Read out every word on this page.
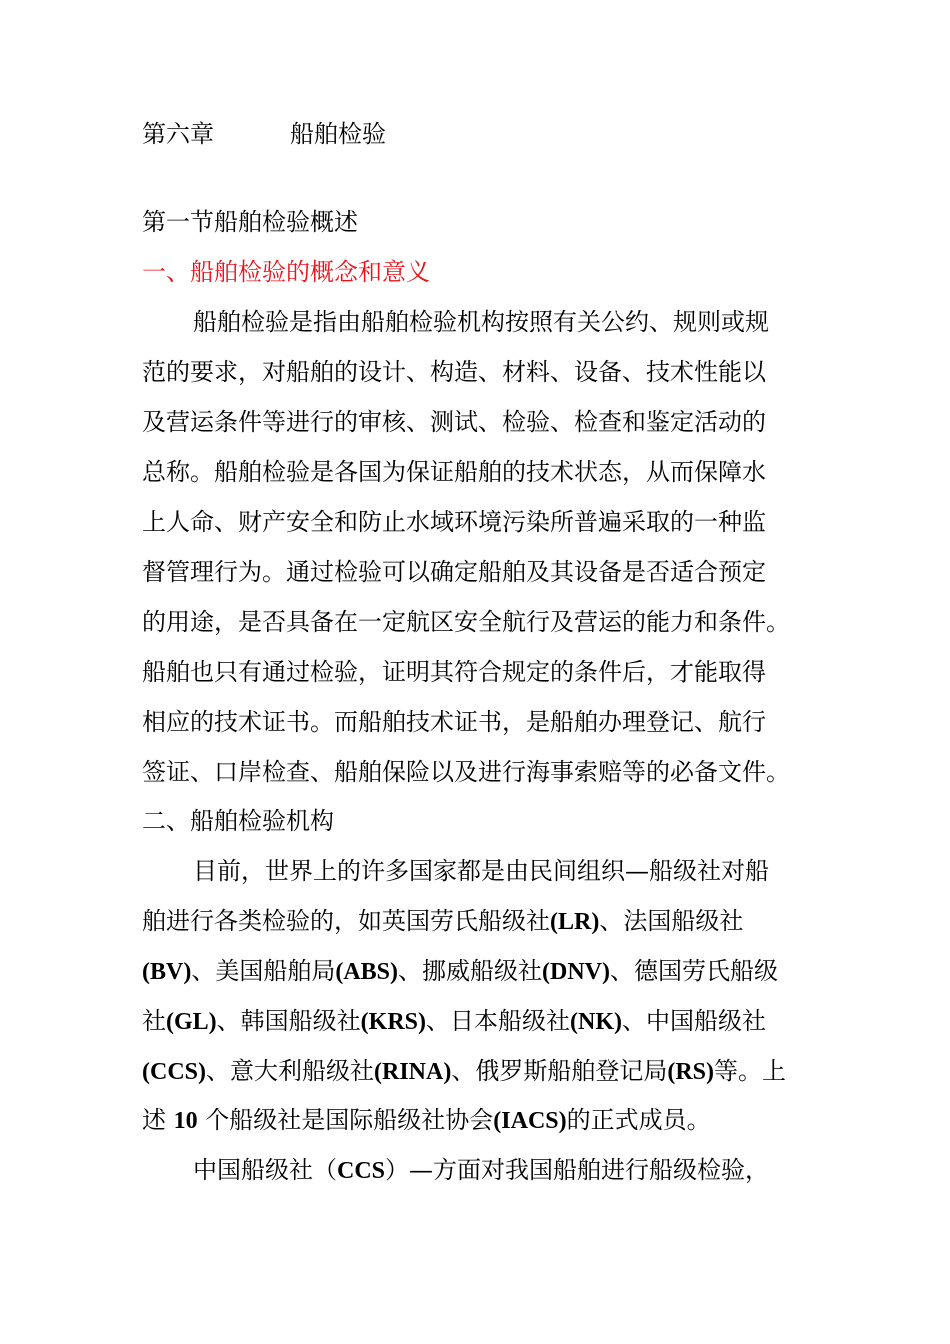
第六章	船舶检验
第一节船舶检验概述
一、船舶检验的概念和意义
船舶检验是指由船舶检验机构按照有关公约、规则或规
范的要求，对船舶的设计、构造、材料、设备、技术性能以
及营运条件等进行的审核、测试、检验、检查和鉴定活动的
总称。船舶检验是各国为保证船舶的技术状态，从而保障水
上人命、财产安全和防止水域环境污染所普遍采取的一种监
督管理行为。通过检验可以确定船舶及其设备是否适合预定
的用途，是否具备在一定航区安全航行及营运的能力和条件。
船舶也只有通过检验，证明其符合规定的条件后，才能取得
相应的技术证书。而船舶技术证书，是船舶办理登记、航行
签证、口岸检查、船舶保险以及进行海事索赔等的必备文件。
二、船舶检验机构
目前，世界上的许多国家都是由民间组织—船级社对船
舶进行各类检验的，如英国劳氏船级社(LR)、法国船级社
(BV)、美国船舶局(ABS)、挪威船级社(DNV)、德国劳氏船级
社(GL)、韩国船级社(KRS)、日本船级社(NK)、中国船级社
(CCS)、意大利船级社(RINA)、俄罗斯船舶登记局(RS)等。上
述 10 个船级社是国际船级社协会(IACS)的正式成员。
中国船级社（CCS）—方面对我国船舶进行船级检验，
